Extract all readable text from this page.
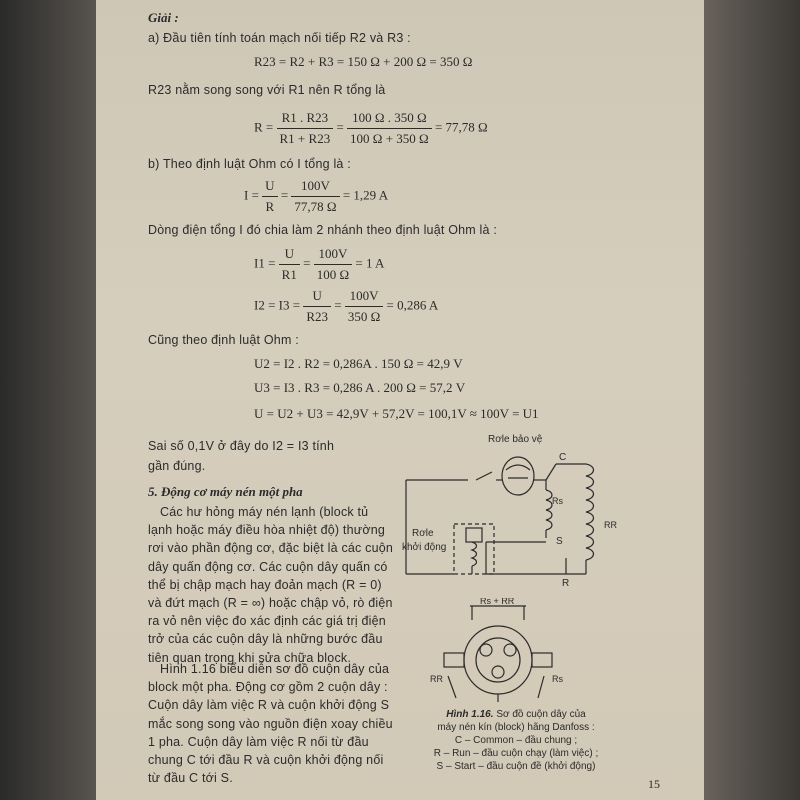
Giải :
a) Đầu tiên tính toán mạch nối tiếp R2 và R3 :
R23 = R2 + R3 = 150 Ω + 200 Ω = 350 Ω
R23 nằm song song với R1 nên R tổng là
$R = \frac{R1 . R23}{R1 + R23} = \frac{100 \Omega . 350 \Omega}{100 \Omega + 350 \Omega} = 77,78$ Ω
b) Theo định luật Ohm có I tổng là :
$I = \frac{U}{R} = \frac{100V}{77,78 \Omega} = 1,29$ A
Dòng điện tổng I đó chia làm 2 nhánh theo định luật Ohm là :
$I1 = \frac{U}{R1} = \frac{100V}{100 \Omega} = 1$ A
$I2 = I3 = \frac{U}{R23} = \frac{100V}{350 \Omega} = 0,286$ A
Cũng theo định luật Ohm :
U2 = I2 . R2 = 0,286A . 150 Ω = 42,9 V
U3 = I3 . R3 = 0,286 A . 200 Ω = 57,2 V
U = U2 + U3 = 42,9V + 57,2V = 100,1V ≈ 100V = U1
Sai số 0,1V ở đây do I2 = I3 tính
gần đúng.
5. Động cơ máy nén một pha
Các hư hỏng máy nén lạnh (block tủ
lạnh hoặc máy điều hòa nhiệt độ) thường
rơi vào phần động cơ, đặc biệt là các cuộn
dây quấn động cơ. Các cuộn dây quấn có
thể bị chập mạch hay đoản mạch (R = 0)
và đứt mạch (R = ∞) hoặc chập vỏ, rò điện
ra vỏ nên việc đo xác định các giá trị điện
trở của các cuộn dây là những bước đầu
tiên quan trọng khi sửa chữa block.
Hình 1.16 biểu diễn sơ đồ cuộn dây của
block một pha. Động cơ gồm 2 cuộn dây :
Cuộn dây làm việc R và cuộn khởi động S
mắc song song vào nguồn điện xoay chiều
1 pha. Cuộn dây làm việc R nối từ đầu
chung C tới đầu R và cuộn khởi động nối
từ đầu C tới S.
Rơle bảo vệ
C
Rs
RR
S
R
Rơle
khởi động
Rs + RR
RR	Rs
Hình 1.16. Sơ đồ cuộn dây của
máy nén kín (block) hãng Danfoss :
C – Common – đầu chung ;
R – Run – đầu cuộn chạy (làm việc) ;
S – Start – đầu cuộn đề (khởi động)
15
